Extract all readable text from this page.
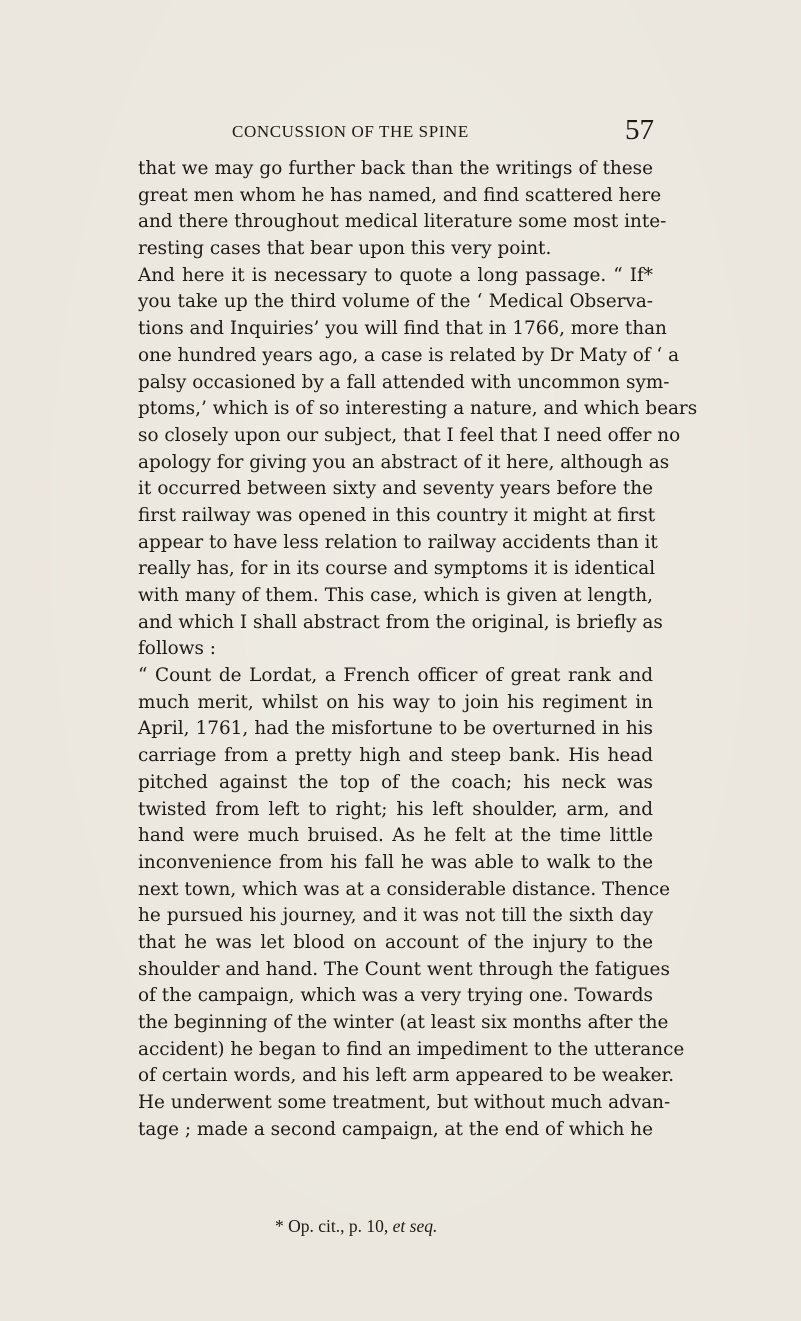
CONCUSSION OF THE SPINE	57
that we may go further back than the writings of these
great men whom he has named, and find scattered here
and there throughout medical literature some most inte-
resting cases that bear upon this very point.
And here it is necessary to quote a long passage. “ If*
you take up the third volume of the ‘ Medical Observa-
tions and Inquiries’ you will find that in 1766, more than
one hundred years ago, a case is related by Dr Maty of ‘ a
palsy occasioned by a fall attended with uncommon sym-
ptoms,’ which is of so interesting a nature, and which bears
so closely upon our subject, that I feel that I need offer no
apology for giving you an abstract of it here, although as
it occurred between sixty and seventy years before the
first railway was opened in this country it might at first
appear to have less relation to railway accidents than it
really has, for in its course and symptoms it is identical
with many of them. This case, which is given at length,
and which I shall abstract from the original, is briefly as
follows :
“ Count de Lordat, a French officer of great rank and
much merit, whilst on his way to join his regiment in
April, 1761, had the misfortune to be overturned in his
carriage from a pretty high and steep bank. His head
pitched against the top of the coach; his neck was
twisted from left to right; his left shoulder, arm, and
hand were much bruised. As he felt at the time little
inconvenience from his fall he was able to walk to the
next town, which was at a considerable distance. Thence
he pursued his journey, and it was not till the sixth day
that he was let blood on account of the injury to the
shoulder and hand. The Count went through the fatigues
of the campaign, which was a very trying one. Towards
the beginning of the winter (at least six months after the
accident) he began to find an impediment to the utterance
of certain words, and his left arm appeared to be weaker.
He underwent some treatment, but without much advan-
tage ; made a second campaign, at the end of which he
* Op. cit., p. 10, et seq.
